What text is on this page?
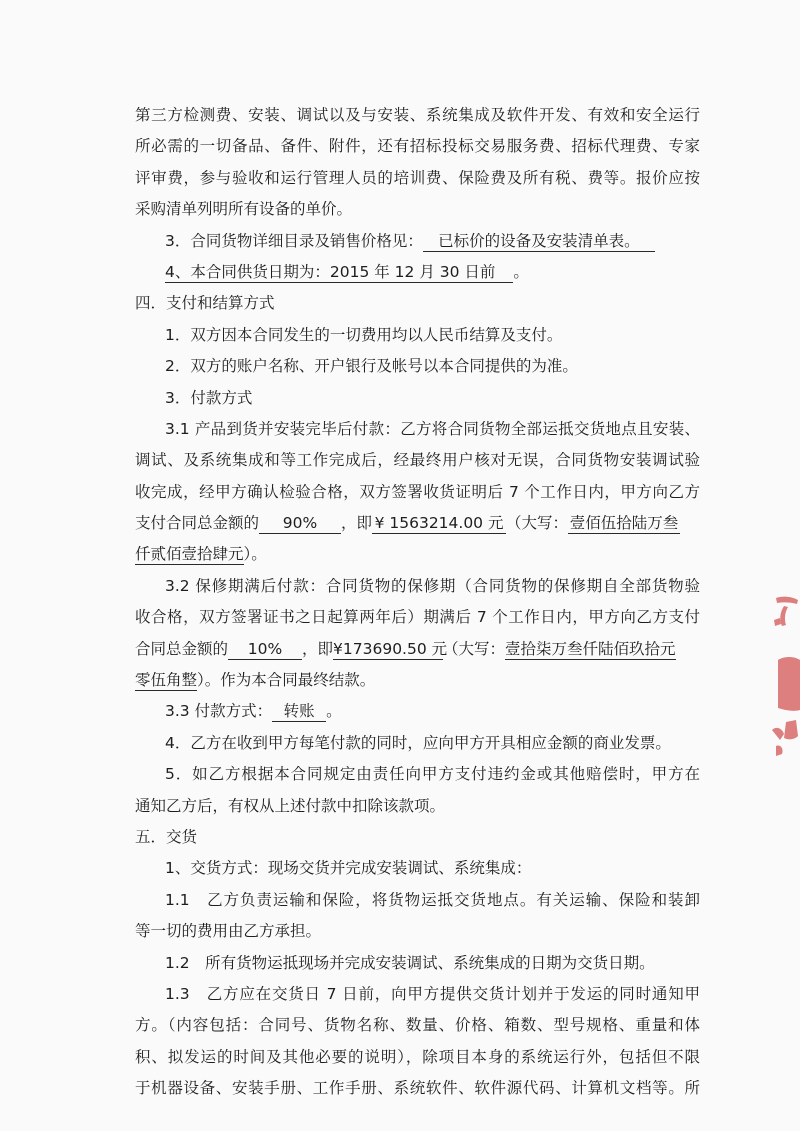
第三方检测费、安装、调试以及与安装、系统集成及软件开发、有效和安全运行
所必需的一切备品、备件、附件，还有招标投标交易服务费、招标代理费、专家
评审费，参与验收和运行管理人员的培训费、保险费及所有税、费等。报价应按
采购清单列明所有设备的单价。
3．合同货物详细目录及销售价格见： 已标价的设备及安装清单表。
4、本合同供货日期为：2015 年 12 月 30 日前 。
四．支付和结算方式
1．双方因本合同发生的一切费用均以人民币结算及支付。
2．双方的账户名称、开户银行及帐号以本合同提供的为准。
3．付款方式
3.1 产品到货并安装完毕后付款：乙方将合同货物全部运抵交货地点且安装、
调试、及系统集成和等工作完成后，经最终用户核对无误，合同货物安装调试验
收完成，经甲方确认检验合格，双方签署收货证明后 7 个工作日内，甲方向乙方
支付合同总金额的 90% ，即 ¥ 1563214.00 元 （大写： 壹佰伍拾陆万叁
仟贰佰壹拾肆元）。
3.2 保修期满后付款：合同货物的保修期（合同货物的保修期自全部货物验
收合格，双方签署证书之日起算两年后）期满后 7 个工作日内，甲方向乙方支付
合同总金额的 10% ，即¥173690.50 元（大写：壹拾柒万叁仟陆佰玖拾元
零伍角整）。作为本合同最终结款。
3.3 付款方式： 转账 。
4．乙方在收到甲方每笔付款的同时，应向甲方开具相应金额的商业发票。
5．如乙方根据本合同规定由责任向甲方支付违约金或其他赔偿时，甲方在
通知乙方后，有权从上述付款中扣除该款项。
五．交货
1、交货方式：现场交货并完成安装调试、系统集成：
1.1　乙方负责运输和保险，将货物运抵交货地点。有关运输、保险和装卸
等一切的费用由乙方承担。
1.2　所有货物运抵现场并完成安装调试、系统集成的日期为交货日期。
1.3　乙方应在交货日 7 日前，向甲方提供交货计划并于发运的同时通知甲
方。（内容包括：合同号、货物名称、数量、价格、箱数、型号规格、重量和体
积、拟发运的时间及其他必要的说明），除项目本身的系统运行外，包括但不限
于机器设备、安装手册、工作手册、系统软件、软件源代码、计算机文档等。所
